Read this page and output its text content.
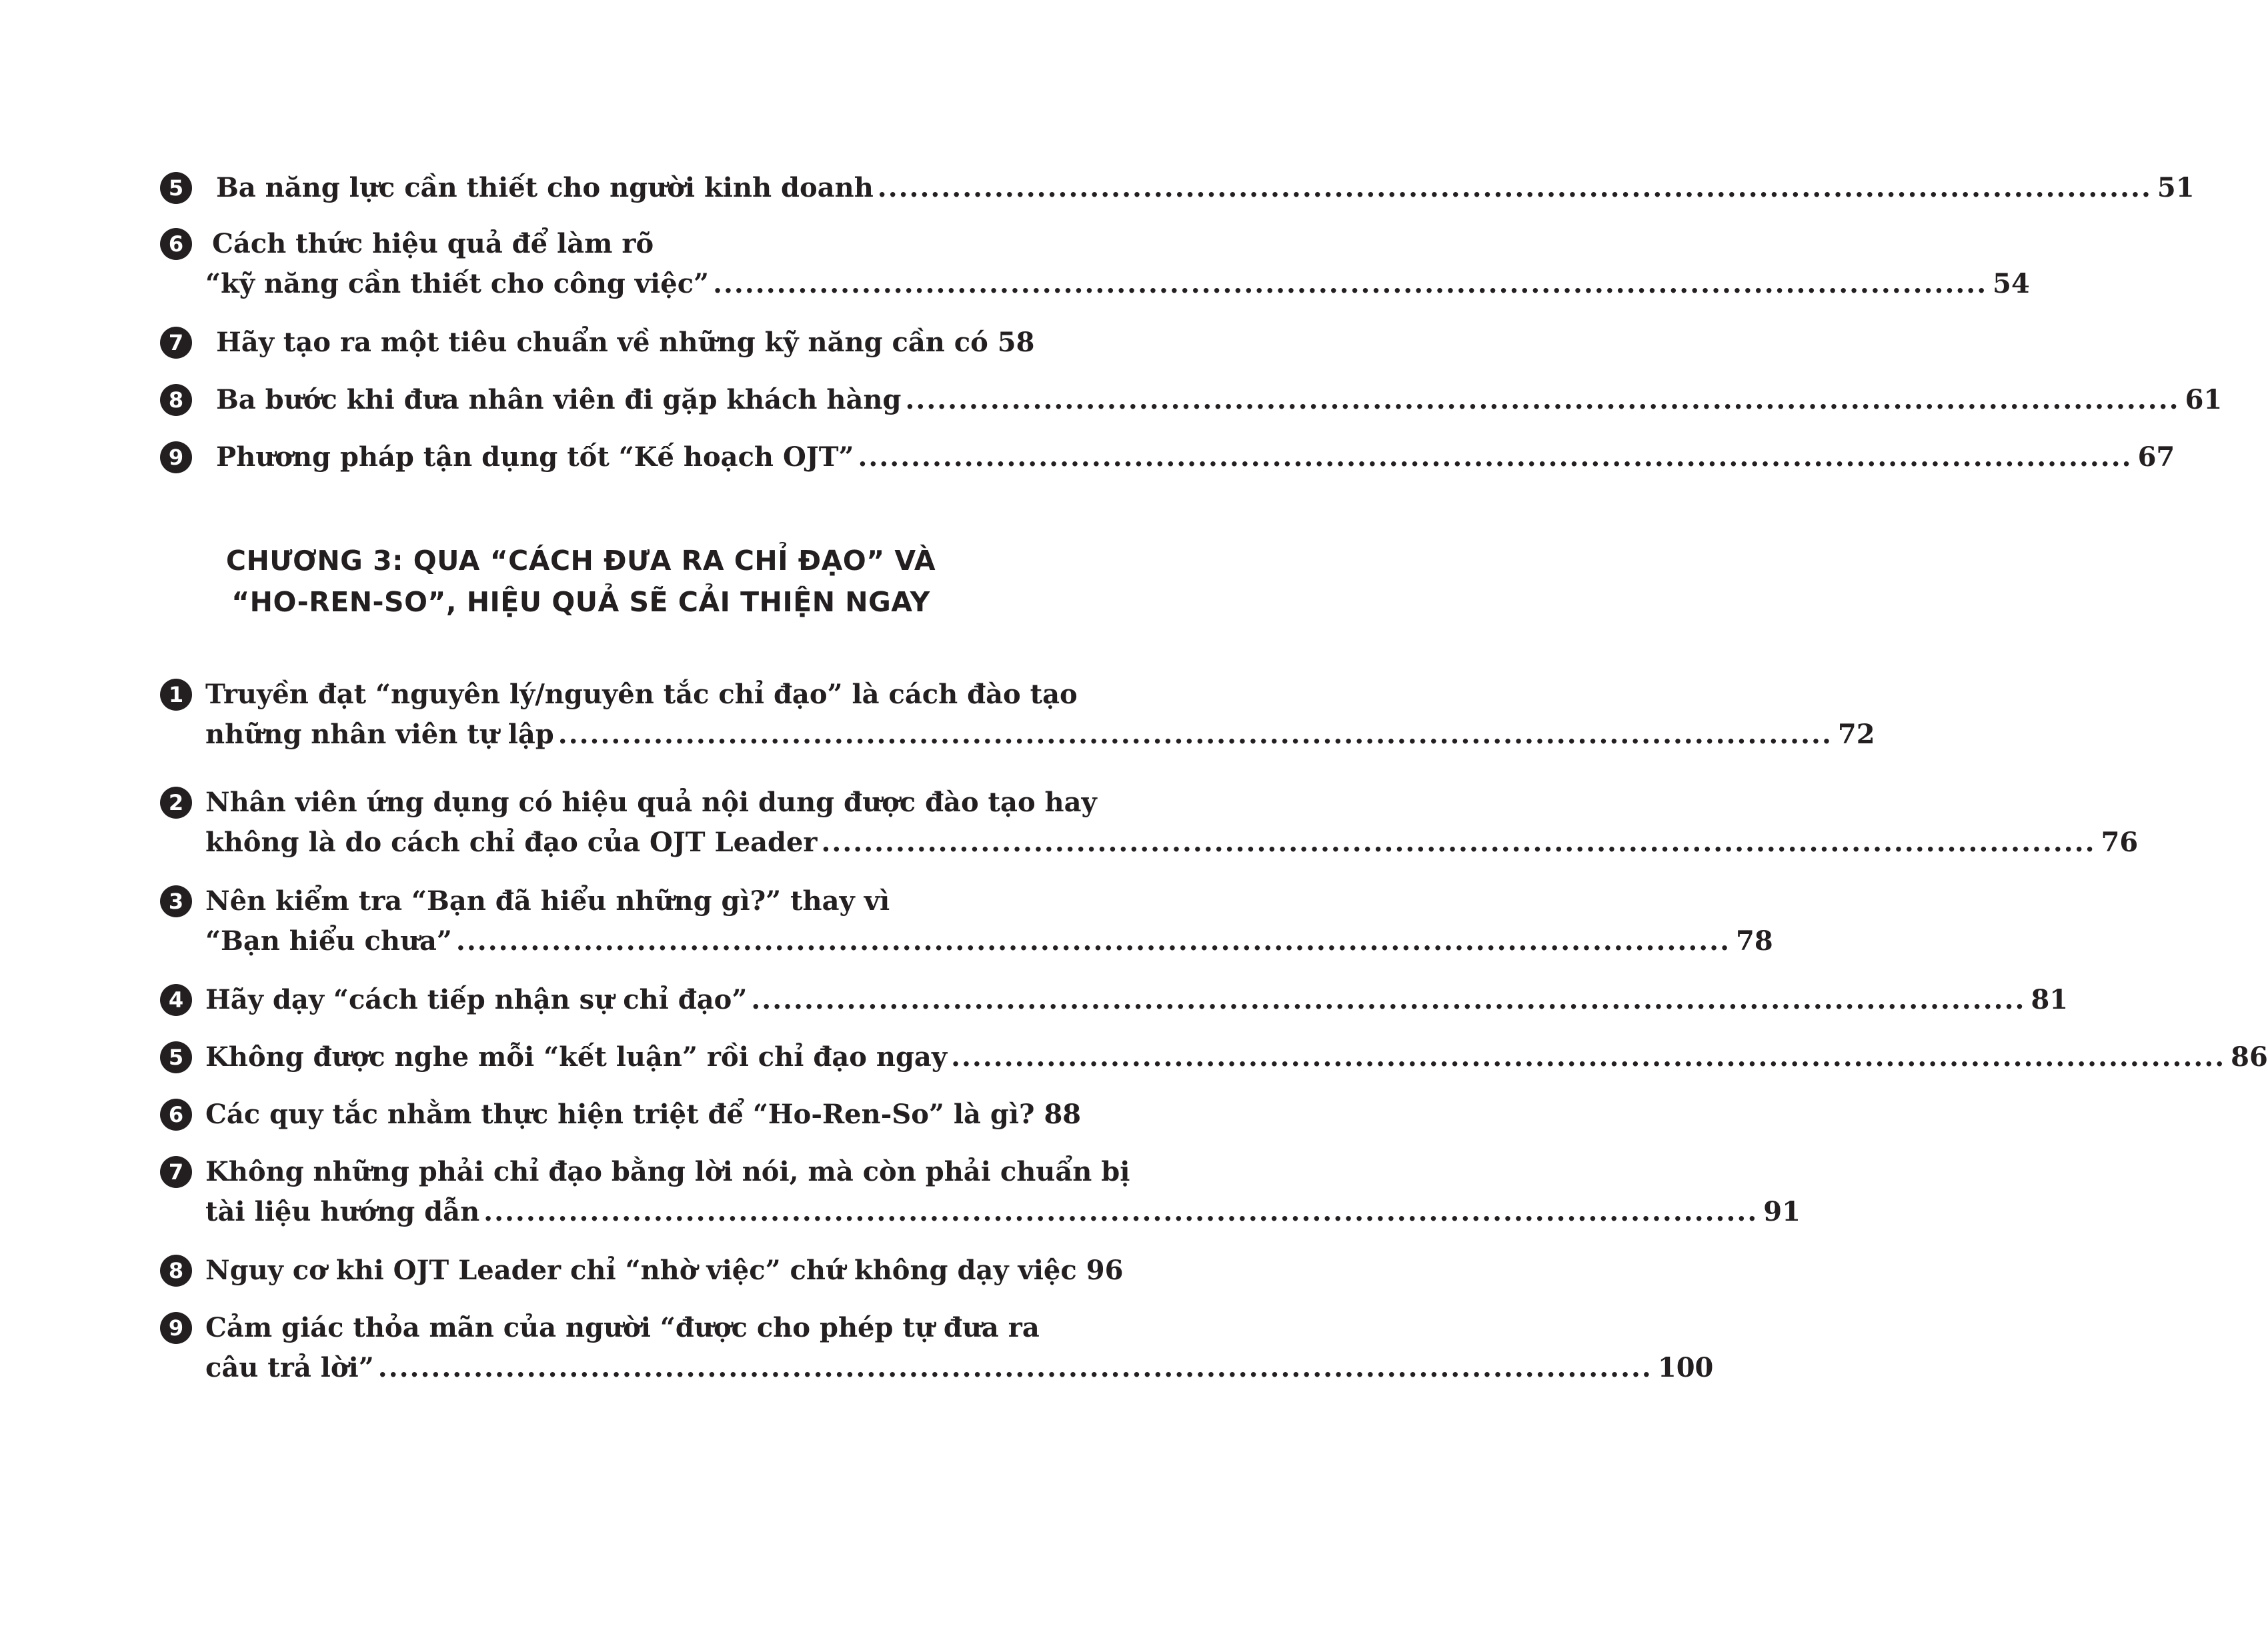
5	Ba năng lực cần thiết cho người kinh doanh ........................................................................................................................ 51
6	Cách thức hiệu quả để làm rõ
“kỹ năng cần thiết cho công việc” ........................................................................................................................ 54
7	Hãy tạo ra một tiêu chuẩn về những kỹ năng cần có 58
8	Ba bước khi đưa nhân viên đi gặp khách hàng ........................................................................................................................ 61
9	Phương pháp tận dụng tốt “Kế hoạch OJT” ........................................................................................................................ 67
CHƯƠNG 3: QUA “CÁCH ĐƯA RA CHỈ ĐẠO” VÀ
“HO-REN-SO”, HIỆU QUẢ SẼ CẢI THIỆN NGAY
1 Truyền đạt “nguyên lý/nguyên tắc chỉ đạo” là cách đào tạo
những nhân viên tự lập ........................................................................................................................ 72
2 Nhân viên ứng dụng có hiệu quả nội dung được đào tạo hay
không là do cách chỉ đạo của OJT Leader ........................................................................................................................ 76
3 Nên kiểm tra “Bạn đã hiểu những gì?” thay vì
“Bạn hiểu chưa” ........................................................................................................................ 78
4 Hãy dạy “cách tiếp nhận sự chỉ đạo” ........................................................................................................................ 81
5 Không được nghe mỗi “kết luận” rồi chỉ đạo ngay ........................................................................................................................ 86
6 Các quy tắc nhằm thực hiện triệt để “Ho-Ren-So” là gì? 88
7 Không những phải chỉ đạo bằng lời nói, mà còn phải chuẩn bị
tài liệu hướng dẫn ........................................................................................................................ 91
8 Nguy cơ khi OJT Leader chỉ “nhờ việc” chứ không dạy việc 96
9 Cảm giác thỏa mãn của người “được cho phép tự đưa ra
câu trả lời” ........................................................................................................................ 100
